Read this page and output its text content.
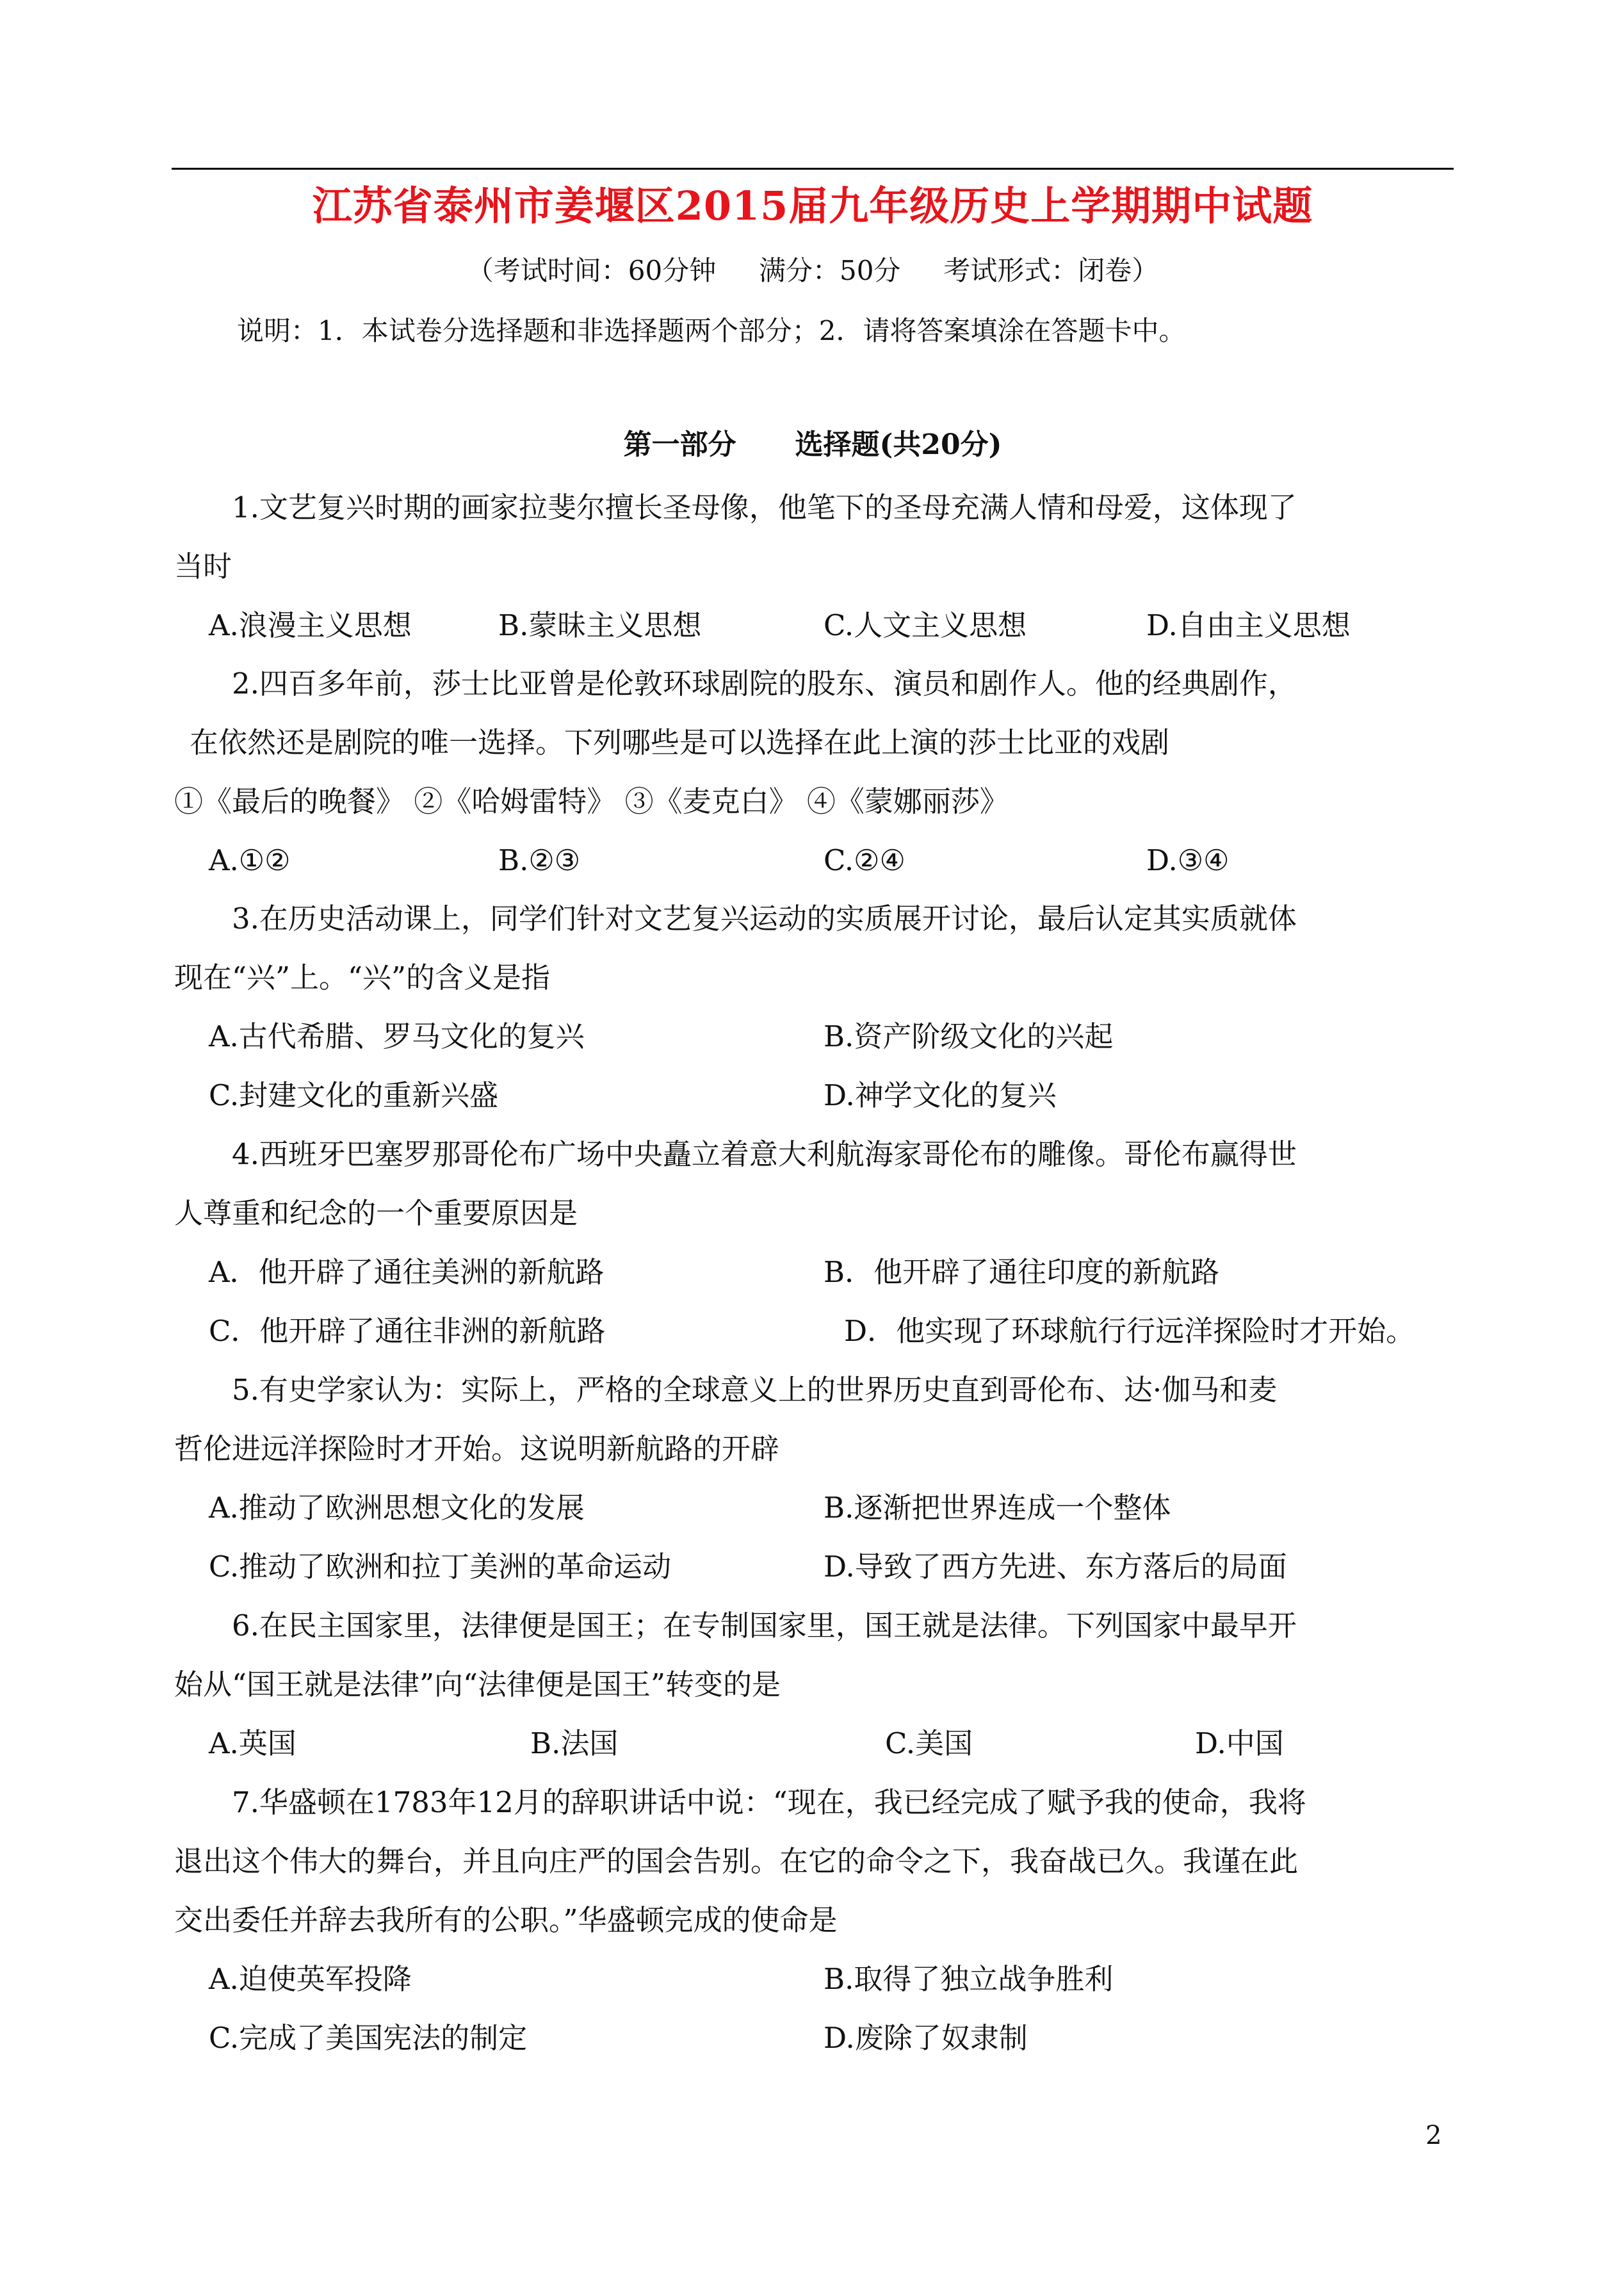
江苏省泰州市姜堰区2015届九年级历史上学期期中试题
（考试时间：60分钟     满分：50分     考试形式：闭卷）
说明：1．本试卷分选择题和非选择题两个部分；2．请将答案填涂在答题卡中。
第一部分      选择题(共20分)
1.文艺复兴时期的画家拉斐尔擅长圣母像，他笔下的圣母充满人情和母爱，这体现了
当时
A.浪漫主义思想	B.蒙昧主义思想	C.人文主义思想	D.自由主义思想
2.四百多年前，莎士比亚曾是伦敦环球剧院的股东、演员和剧作人。他的经典剧作，
在依然还是剧院的唯一选择。下列哪些是可以选择在此上演的莎士比亚的戏剧
①《最后的晚餐》 ②《哈姆雷特》 ③《麦克白》 ④《蒙娜丽莎》
A.①②	B.②③	C.②④	D.③④
3.在历史活动课上，同学们针对文艺复兴运动的实质展开讨论，最后认定其实质就体
现在“兴”上。“兴”的含义是指
A.古代希腊、罗马文化的复兴	B.资产阶级文化的兴起
C.封建文化的重新兴盛	D.神学文化的复兴
4.西班牙巴塞罗那哥伦布广场中央矗立着意大利航海家哥伦布的雕像。哥伦布赢得世
人尊重和纪念的一个重要原因是
A．他开辟了通往美洲的新航路	B．他开辟了通往印度的新航路
C．他开辟了通往非洲的新航路	D．他实现了环球航行行远洋探险时才开始。
5.有史学家认为：实际上，严格的全球意义上的世界历史直到哥伦布、达·伽马和麦
哲伦进远洋探险时才开始。这说明新航路的开辟
A.推动了欧洲思想文化的发展	B.逐渐把世界连成一个整体
C.推动了欧洲和拉丁美洲的革命运动	D.导致了西方先进、东方落后的局面
6.在民主国家里，法律便是国王；在专制国家里，国王就是法律。下列国家中最早开
始从“国王就是法律”向“法律便是国王”转变的是
A.英国	B.法国	C.美国	D.中国
7.华盛顿在1783年12月的辞职讲话中说：“现在，我已经完成了赋予我的使命，我将
退出这个伟大的舞台，并且向庄严的国会告别。在它的命令之下，我奋战已久。我谨在此
交出委任并辞去我所有的公职。”华盛顿完成的使命是
A.迫使英军投降	B.取得了独立战争胜利
C.完成了美国宪法的制定	D.废除了奴隶制
2
